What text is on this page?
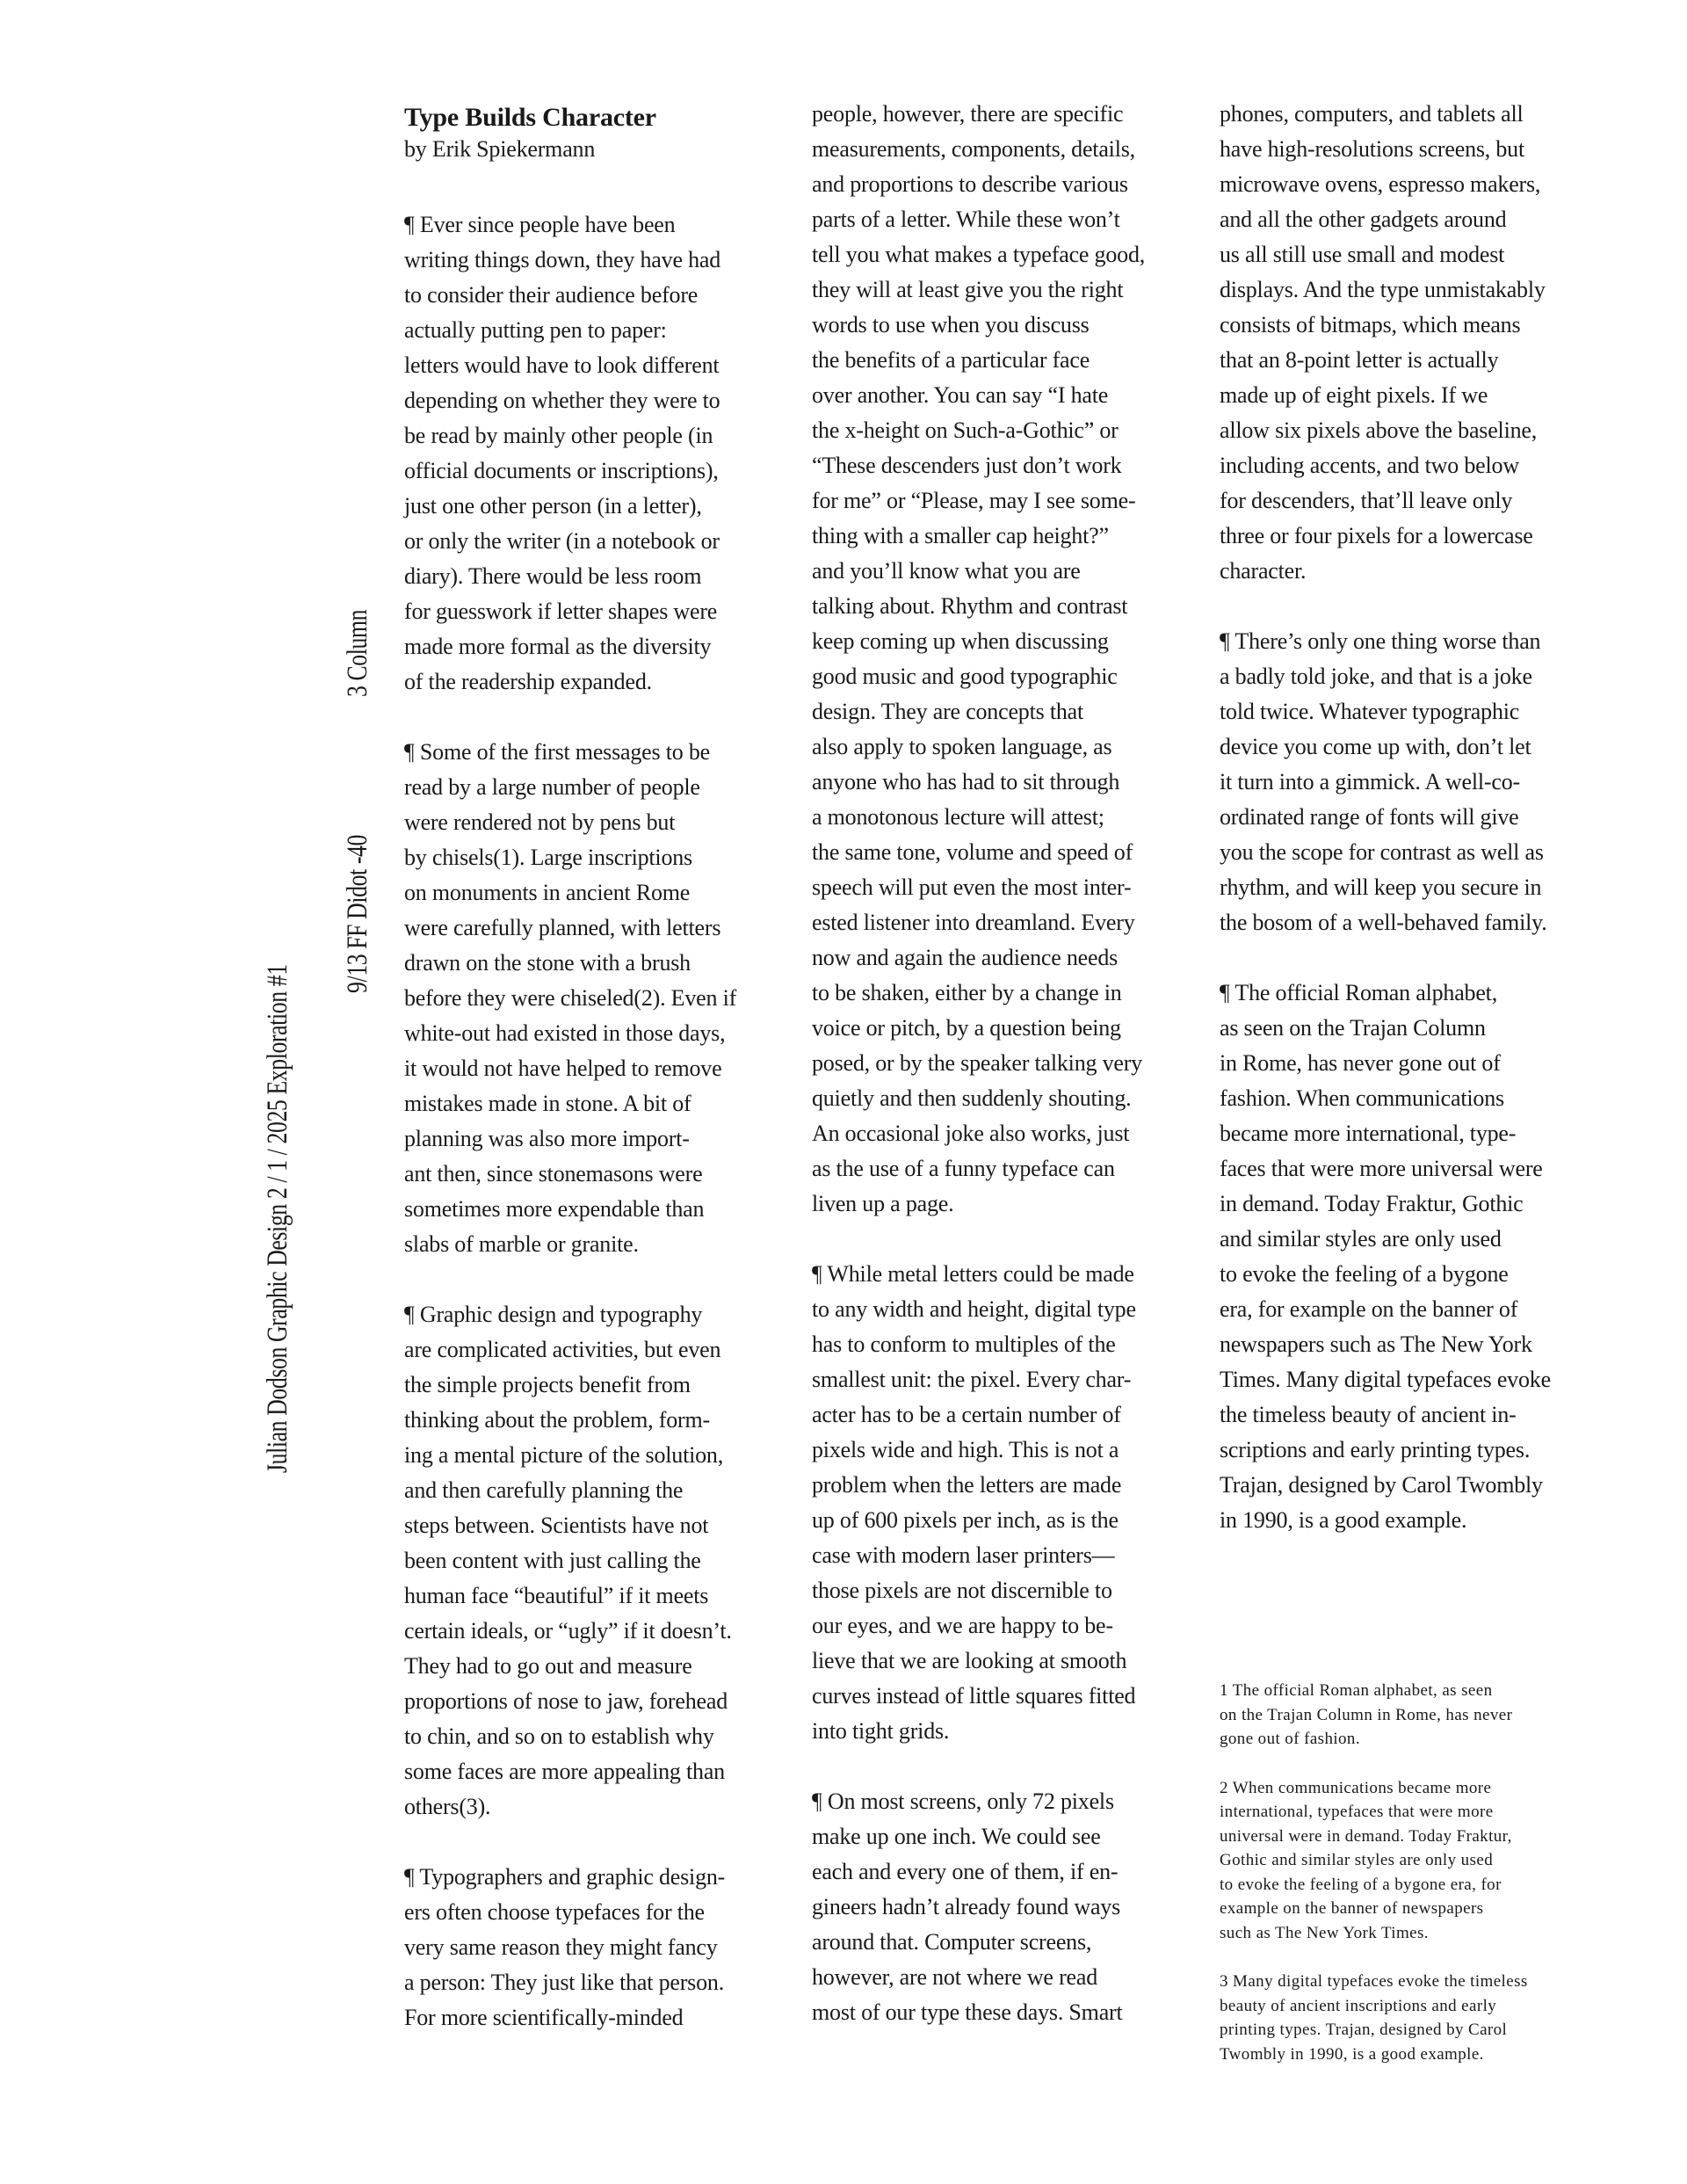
Julian Dodson Graphic Design 2 / 1 / 2025 Exploration #1
3 Column
9/13 FF Didot -40
Type Builds Character
by Erik Spiekermann
¶ Ever since people have been
writing things down, they have had
to consider their audience before
actually putting pen to paper:
letters would have to look different
depending on whether they were to
be read by mainly other people (in
official documents or inscriptions),
just one other person (in a letter),
or only the writer (in a notebook or
diary). There would be less room
for guesswork if letter shapes were
made more formal as the diversity
of the readership expanded.
¶ Some of the first messages to be
read by a large number of people
were rendered not by pens but
by chisels(1). Large inscriptions
on monuments in ancient Rome
were carefully planned, with letters
drawn on the stone with a brush
before they were chiseled(2). Even if
white-out had existed in those days,
it would not have helped to remove
mistakes made in stone. A bit of
planning was also more import-
ant then, since stonemasons were
sometimes more expendable than
slabs of marble or granite.
¶ Graphic design and typography
are complicated activities, but even
the simple projects benefit from
thinking about the problem, form-
ing a mental picture of the solution,
and then carefully planning the
steps between. Scientists have not
been content with just calling the
human face “beautiful” if it meets
certain ideals, or “ugly” if it doesn’t.
They had to go out and measure
proportions of nose to jaw, forehead
to chin, and so on to establish why
some faces are more appealing than
others(3).
¶ Typographers and graphic design-
ers often choose typefaces for the
very same reason they might fancy
a person: They just like that person.
For more scientifically-minded
people, however, there are specific
measurements, components, details,
and proportions to describe various
parts of a letter. While these won’t
tell you what makes a typeface good,
they will at least give you the right
words to use when you discuss
the benefits of a particular face
over another. You can say “I hate
the x-height on Such-a-Gothic” or
“These descenders just don’t work
for me” or “Please, may I see some-
thing with a smaller cap height?”
and you’ll know what you are
talking about. Rhythm and contrast
keep coming up when discussing
good music and good typographic
design. They are concepts that
also apply to spoken language, as
anyone who has had to sit through
a monotonous lecture will attest;
the same tone, volume and speed of
speech will put even the most inter-
ested listener into dreamland. Every
now and again the audience needs
to be shaken, either by a change in
voice or pitch, by a question being
posed, or by the speaker talking very
quietly and then suddenly shouting.
An occasional joke also works, just
as the use of a funny typeface can
liven up a page.
¶ While metal letters could be made
to any width and height, digital type
has to conform to multiples of the
smallest unit: the pixel. Every char-
acter has to be a certain number of
pixels wide and high. This is not a
problem when the letters are made
up of 600 pixels per inch, as is the
case with modern laser printers—
those pixels are not discernible to
our eyes, and we are happy to be-
lieve that we are looking at smooth
curves instead of little squares fitted
into tight grids.
¶ On most screens, only 72 pixels
make up one inch. We could see
each and every one of them, if en-
gineers hadn’t already found ways
around that. Computer screens,
however, are not where we read
most of our type these days. Smart
phones, computers, and tablets all
have high-resolutions screens, but
microwave ovens, espresso makers,
and all the other gadgets around
us all still use small and modest
displays. And the type unmistakably
consists of bitmaps, which means
that an 8-point letter is actually
made up of eight pixels. If we
allow six pixels above the baseline,
including accents, and two below
for descenders, that’ll leave only
three or four pixels for a lowercase
character.
¶ There’s only one thing worse than
a badly told joke, and that is a joke
told twice. Whatever typographic
device you come up with, don’t let
it turn into a gimmick. A well-co-
ordinated range of fonts will give
you the scope for contrast as well as
rhythm, and will keep you secure in
the bosom of a well-behaved family.
¶ The official Roman alphabet,
as seen on the Trajan Column
in Rome, has never gone out of
fashion. When communications
became more international, type-
faces that were more universal were
in demand. Today Fraktur, Gothic
and similar styles are only used
to evoke the feeling of a bygone
era, for example on the banner of
newspapers such as The New York
Times. Many digital typefaces evoke
the timeless beauty of ancient in-
scriptions and early printing types.
Trajan, designed by Carol Twombly
in 1990, is a good example.
1 The official Roman alphabet, as seen
on the Trajan Column in Rome, has never
gone out of fashion.
2 When communications became more
international, typefaces that were more
universal were in demand. Today Fraktur,
Gothic and similar styles are only used
to evoke the feeling of a bygone era, for
example on the banner of newspapers
such as The New York Times.
3 Many digital typefaces evoke the timeless
beauty of ancient inscriptions and early
printing types. Trajan, designed by Carol
Twombly in 1990, is a good example.
